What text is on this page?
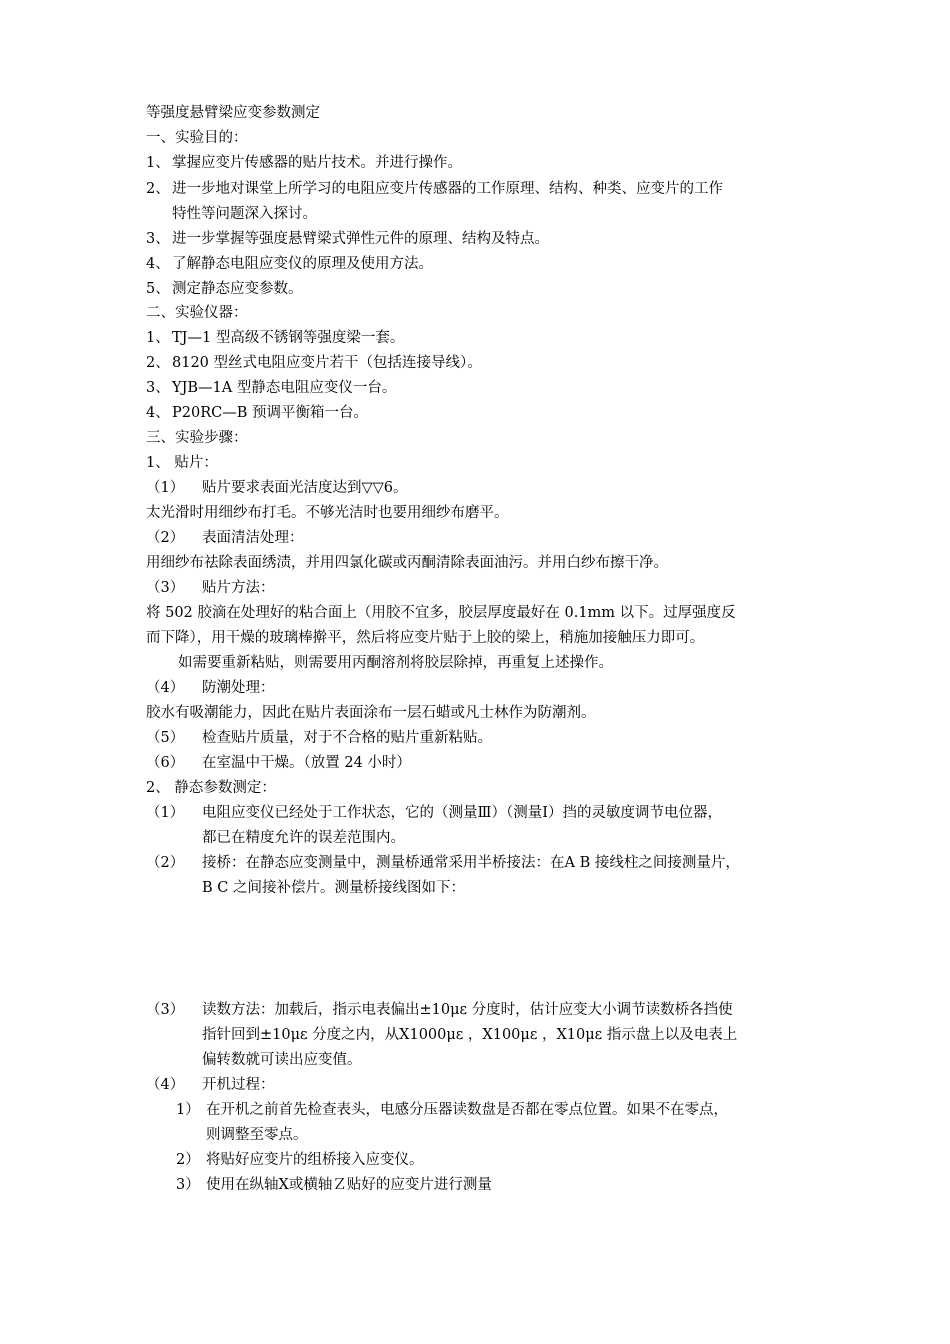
等强度悬臂梁应变参数测定
一、实验目的：
1、 掌握应变片传感器的贴片技术。并进行操作。
2、 进一步地对课堂上所学习的电阻应变片传感器的工作原理、结构、种类、应变片的工作
特性等问题深入探讨。
3、 进一步掌握等强度悬臂梁式弹性元件的原理、结构及特点。
4、 了解静态电阻应变仪的原理及使用方法。
5、 测定静态应变参数。
二、实验仪器：
1、 TJ—1 型高级不锈钢等强度梁一套。
2、 8120 型丝式电阻应变片若干（包括连接导线）。
3、 YJB—1A 型静态电阻应变仪一台。
4、 P20RC—B 预调平衡箱一台。
三、实验步骤：
1、 贴片：
（1） 贴片要求表面光洁度达到▽▽6。
太光滑时用细纱布打毛。不够光洁时也要用细纱布磨平。
（2） 表面清洁处理：
用细纱布祛除表面绣渍，并用四氯化碳或丙酮清除表面油污。并用白纱布擦干净。
（3） 贴片方法：
将 502 胶滴在处理好的粘合面上（用胶不宜多，胶层厚度最好在 0.1mm 以下。过厚强度反
而下降），用干燥的玻璃棒擀平，然后将应变片贴于上胶的梁上，稍施加接触压力即可。
如需要重新粘贴，则需要用丙酮溶剂将胶层除掉，再重复上述操作。
（4） 防潮处理：
胶水有吸潮能力，因此在贴片表面涂布一层石蜡或凡士林作为防潮剂。
（5） 检查贴片质量，对于不合格的贴片重新粘贴。
（6） 在室温中干燥。（放置 24 小时）
2、 静态参数测定：
（1） 电阻应变仪已经处于工作状态，它的（测量Ⅲ）（测量Ⅰ）挡的灵敏度调节电位器，
都已在精度允许的误差范围内。
（2） 接桥：在静态应变测量中，测量桥通常采用半桥接法：在A B 接线柱之间接测量片，
B C 之间接补偿片。测量桥接线图如下：
（3） 读数方法：加载后，指示电表偏出±10με 分度时，估计应变大小调节读数桥各挡使
指针回到±10με 分度之内，从Ⅹ1000με ，Ⅹ100με ，Ⅹ10με 指示盘上以及电表上
偏转数就可读出应变值。
（4） 开机过程：
1） 在开机之前首先检查表头，电感分压器读数盘是否都在零点位置。如果不在零点，
则调整至零点。
2） 将贴好应变片的组桥接入应变仪。
3） 使用在纵轴Ⅹ或横轴Ｚ贴好的应变片进行测量
